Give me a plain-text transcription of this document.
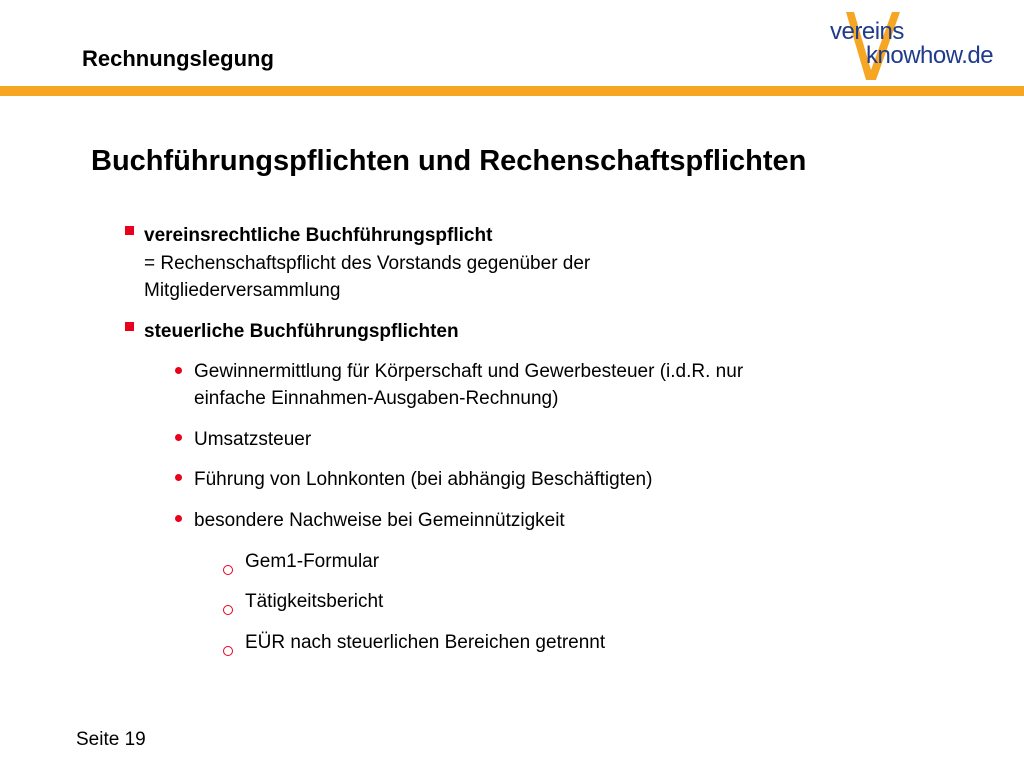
Rechnungslegung
vereins
knowhow.de
Buchführungspflichten und Rechenschaftspflichten
vereinsrechtliche Buchführungspflicht
= Rechenschaftspflicht des Vorstands gegenüber der
Mitgliederversammlung
steuerliche Buchführungspflichten
Gewinnermittlung für Körperschaft und Gewerbesteuer (i.d.R. nur
einfache Einnahmen-Ausgaben-Rechnung)
Umsatzsteuer
Führung von Lohnkonten (bei abhängig Beschäftigten)
besondere Nachweise bei Gemeinnützigkeit
Gem1-Formular
Tätigkeitsbericht
EÜR nach steuerlichen Bereichen getrennt
Seite 19
